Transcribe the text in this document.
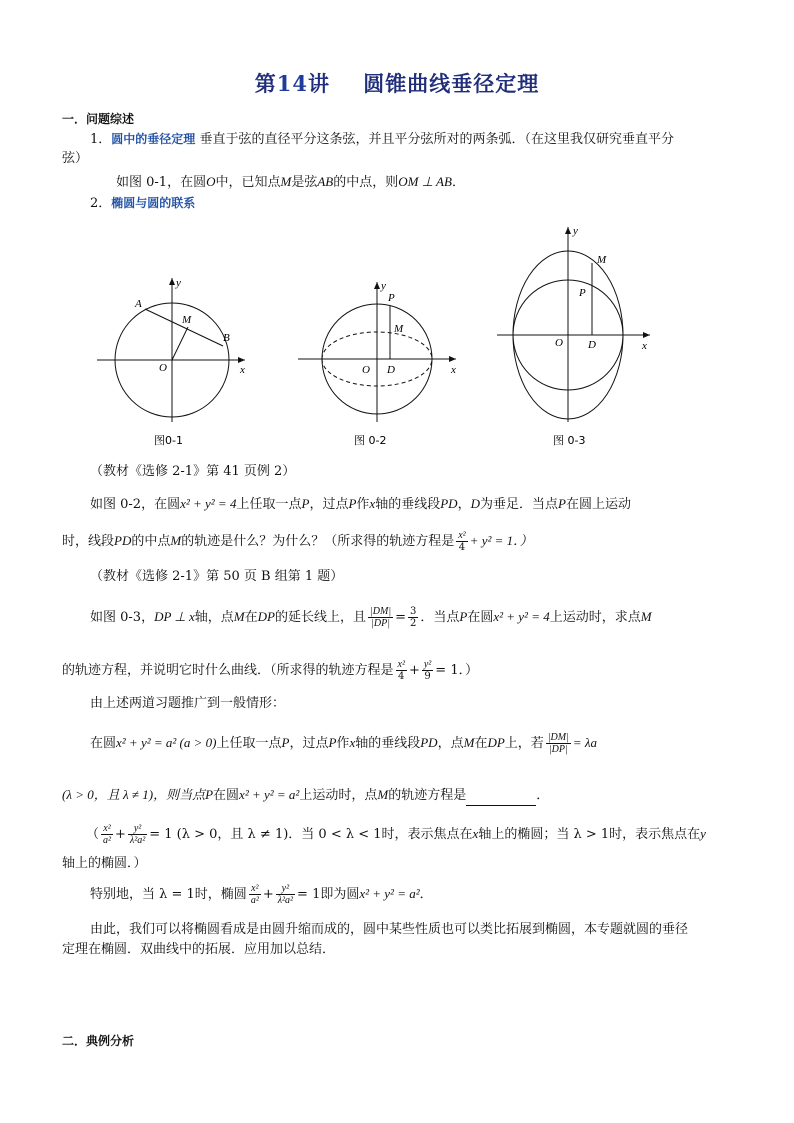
第14讲 圆锥曲线垂径定理
一．问题综述
1．圆中的垂径定理 垂直于弦的直径平分这条弦，并且平分弦所对的两条弧．（在这里我仅研究垂直平分
弦）
如图 0-1，在圆O中，已知点M是弦AB的中点，则OM ⊥ AB．
2．椭圆与圆的联系
A
B
M
O	x
y
图0-1
P
M
O D	x
y
图 0-2
M
P
O D	x
y
图 0-3
（教材《选修 2-1》第 41 页例 2）
如图 0-2，在圆x² + y² = 4上任取一点P，过点P作x轴的垂线段PD，D为垂足．当点P在圆上运动
时，线段PD的中点M的轨迹是什么？为什么？（所求得的轨迹方程是 $\frac{\text{x²}}{4} + y^2 = 1$．）
（教材《选修 2-1》第 50 页 B 组第 1 题）
如图 0-3，DP ⊥ x轴，点M在DP的延长线上，且 $\frac{|DM|}{|DP|} = \frac{3}{2}$ ．当点P在圆x² + y² = 4上运动时，求点M
的轨迹方程，并说明它时什么曲线．（所求得的轨迹方程是 $\frac{\text{x²}}{4} + \frac{\text{y²}}{9} = 1$．）
由上述两道习题推广到一般情形：
在圆x² + y² = a² (a > 0)上任取一点P，过点P作x轴的垂线段PD，点M在DP上，若 $\frac{|DM|}{|DP|} = \lambda a$
(λ > 0，且 λ ≠ 1)，则当点P在圆x² + y² = a²上运动时，点M的轨迹方程是	．
（ $\frac{\text{x²}}{\text{a²}} + \frac{\text{y²}}{\text{λ²a²}} = 1$ (λ > 0，且 λ ≠ 1)．当 0 < λ < 1时，表示焦点在x轴上的椭圆；当 λ > 1时，表示焦点在y
轴上的椭圆．）
特别地，当 λ = 1时，椭圆 $\frac{\text{x²}}{\text{a²}} + \frac{\text{y²}}{\text{λ²a²}} = 1$即为圆x² + y² = a²．
由此，我们可以将椭圆看成是由圆升缩而成的，圆中某些性质也可以类比拓展到椭圆，本专题就圆的垂径
定理在椭圆．双曲线中的拓展．应用加以总结．
二．典例分析
